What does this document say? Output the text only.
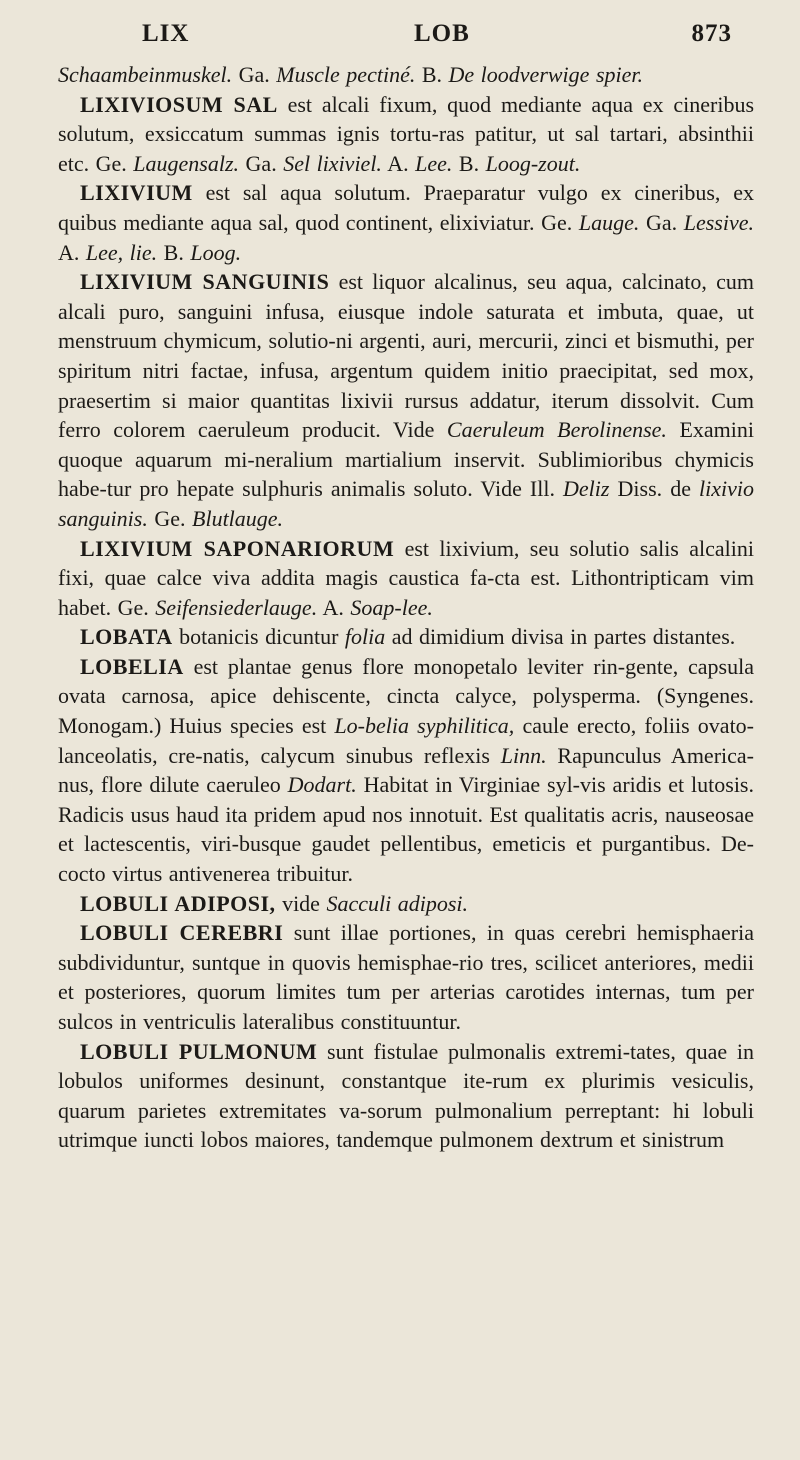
LIX	LOB	873

Schaambeinmuskel. Ga. Muscle pectiné. B. De loodverwige spier.

LIXIVIOSUM SAL est alcali fixum, quod mediante aqua ex cineribus solutum, exsiccatum summas ignis tortu-ras patitur, ut sal tartari, absinthii etc. Ge. Laugensalz. Ga. Sel lixiviel. A. Lee. B. Loog-zout.

LIXIVIUM est sal aqua solutum. Praeparatur vulgo ex cineribus, ex quibus mediante aqua sal, quod continent, elixiviatur. Ge. Lauge. Ga. Lessive. A. Lee, lie. B. Loog.

LIXIVIUM SANGUINIS est liquor alcalinus, seu aqua, calcinato, cum alcali puro, sanguini infusa, eiusque indole saturata et imbuta, quae, ut menstruum chymicum, solutio-ni argenti, auri, mercurii, zinci et bismuthi, per spiritum nitri factae, infusa, argentum quidem initio praecipitat, sed mox, praesertim si maior quantitas lixivii rursus addatur, iterum dissolvit. Cum ferro colorem caeruleum producit. Vide Caeruleum Berolinense. Examini quoque aquarum mi-neralium martialium inservit. Sublimioribus chymicis habe-tur pro hepate sulphuris animalis soluto. Vide Ill. Deliz Diss. de lixivio sanguinis. Ge. Blutlauge.

LIXIVIUM SAPONARIORUM est lixivium, seu solutio salis alcalini fixi, quae calce viva addita magis caustica fa-cta est. Lithontripticam vim habet. Ge. Seifensiederlauge. A. Soap-lee.

LOBATA botanicis dicuntur folia ad dimidium divisa in partes distantes.

LOBELIA est plantae genus flore monopetalo leviter rin-gente, capsula ovata carnosa, apice dehiscente, cincta calyce, polysperma. (Syngenes. Monogam.) Huius species est Lo-belia syphilitica, caule erecto, foliis ovato-lanceolatis, cre-natis, calycum sinubus reflexis Linn. Rapunculus America-nus, flore dilute caeruleo Dodart. Habitat in Virginiae syl-vis aridis et lutosis. Radicis usus haud ita pridem apud nos innotuit. Est qualitatis acris, nauseosae et lactescentis, viri-busque gaudet pellentibus, emeticis et purgantibus. De-cocto virtus antivenerea tribuitur.

LOBULI ADIPOSI, vide Sacculi adiposi.

LOBULI CEREBRI sunt illae portiones, in quas cerebri hemisphaeria subdividuntur, suntque in quovis hemisphae-rio tres, scilicet anteriores, medii et posteriores, quorum limites tum per arterias carotides internas, tum per sulcos in ventriculis lateralibus constituuntur.

LOBULI PULMONUM sunt fistulae pulmonalis extremi-tates, quae in lobulos uniformes desinunt, constantque ite-rum ex plurimis vesiculis, quarum parietes extremitates va-sorum pulmonalium perreptant: hi lobuli utrimque iuncti lobos maiores, tandemque pulmonem dextrum et sinistrum
